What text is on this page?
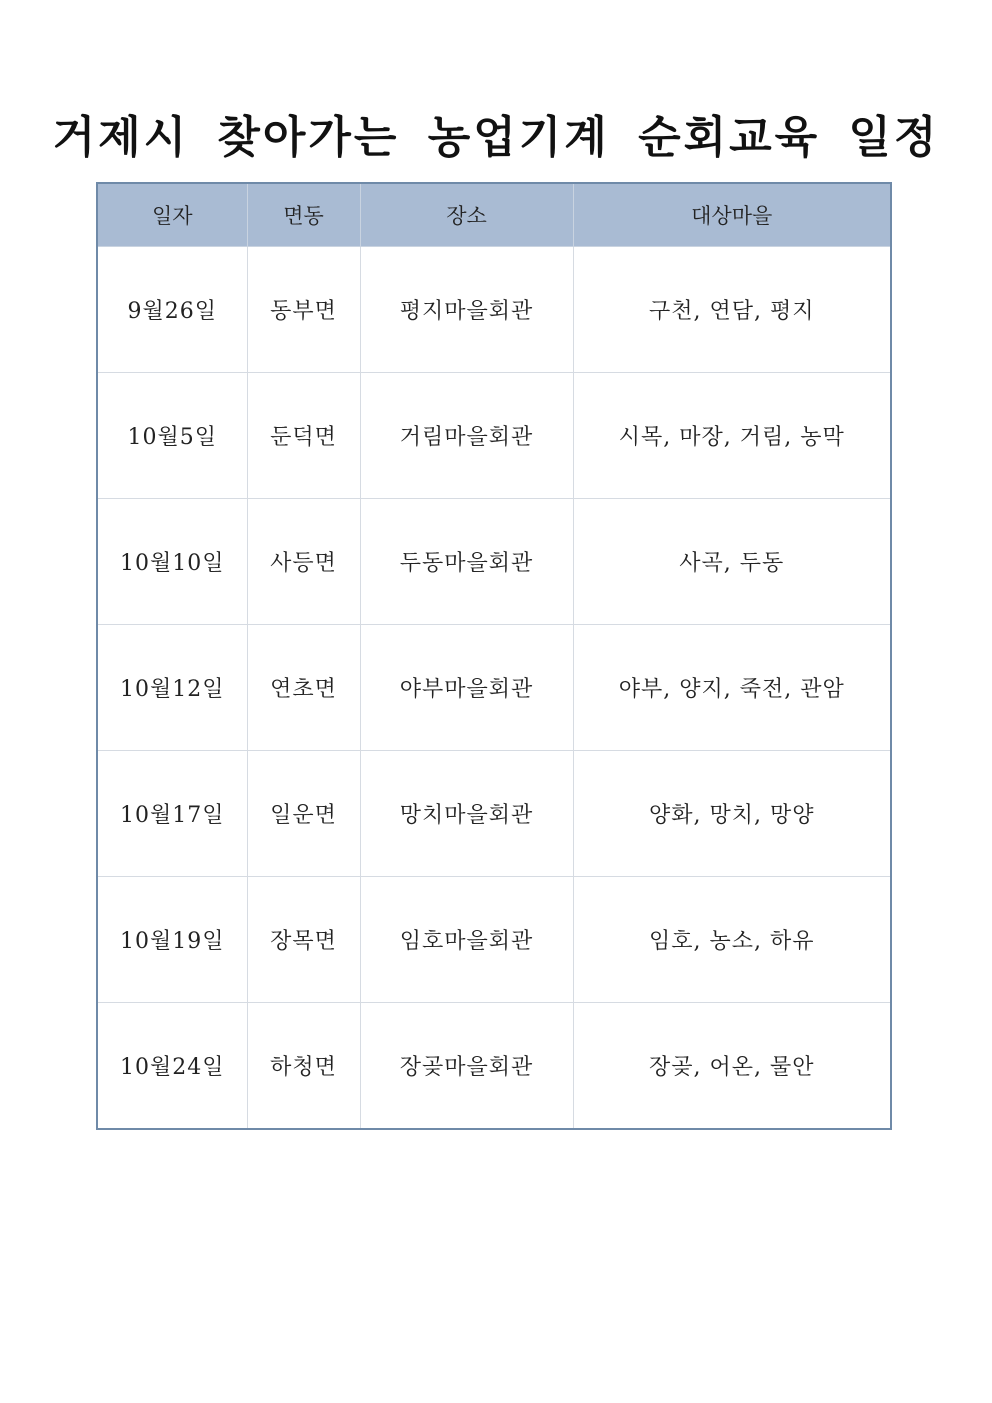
거제시 찾아가는 농업기계 순회교육 일정
일자	면동	장소	대상마을
9월26일	동부면	평지마을회관	구천, 연담, 평지
10월5일	둔덕면	거림마을회관	시목, 마장, 거림, 농막
10월10일	사등면	두동마을회관	사곡, 두동
10월12일	연초면	야부마을회관	야부, 양지, 죽전, 관암
10월17일	일운면	망치마을회관	양화, 망치, 망양
10월19일	장목면	임호마을회관	임호, 농소, 하유
10월24일	하청면	장곶마을회관	장곶, 어온, 물안
